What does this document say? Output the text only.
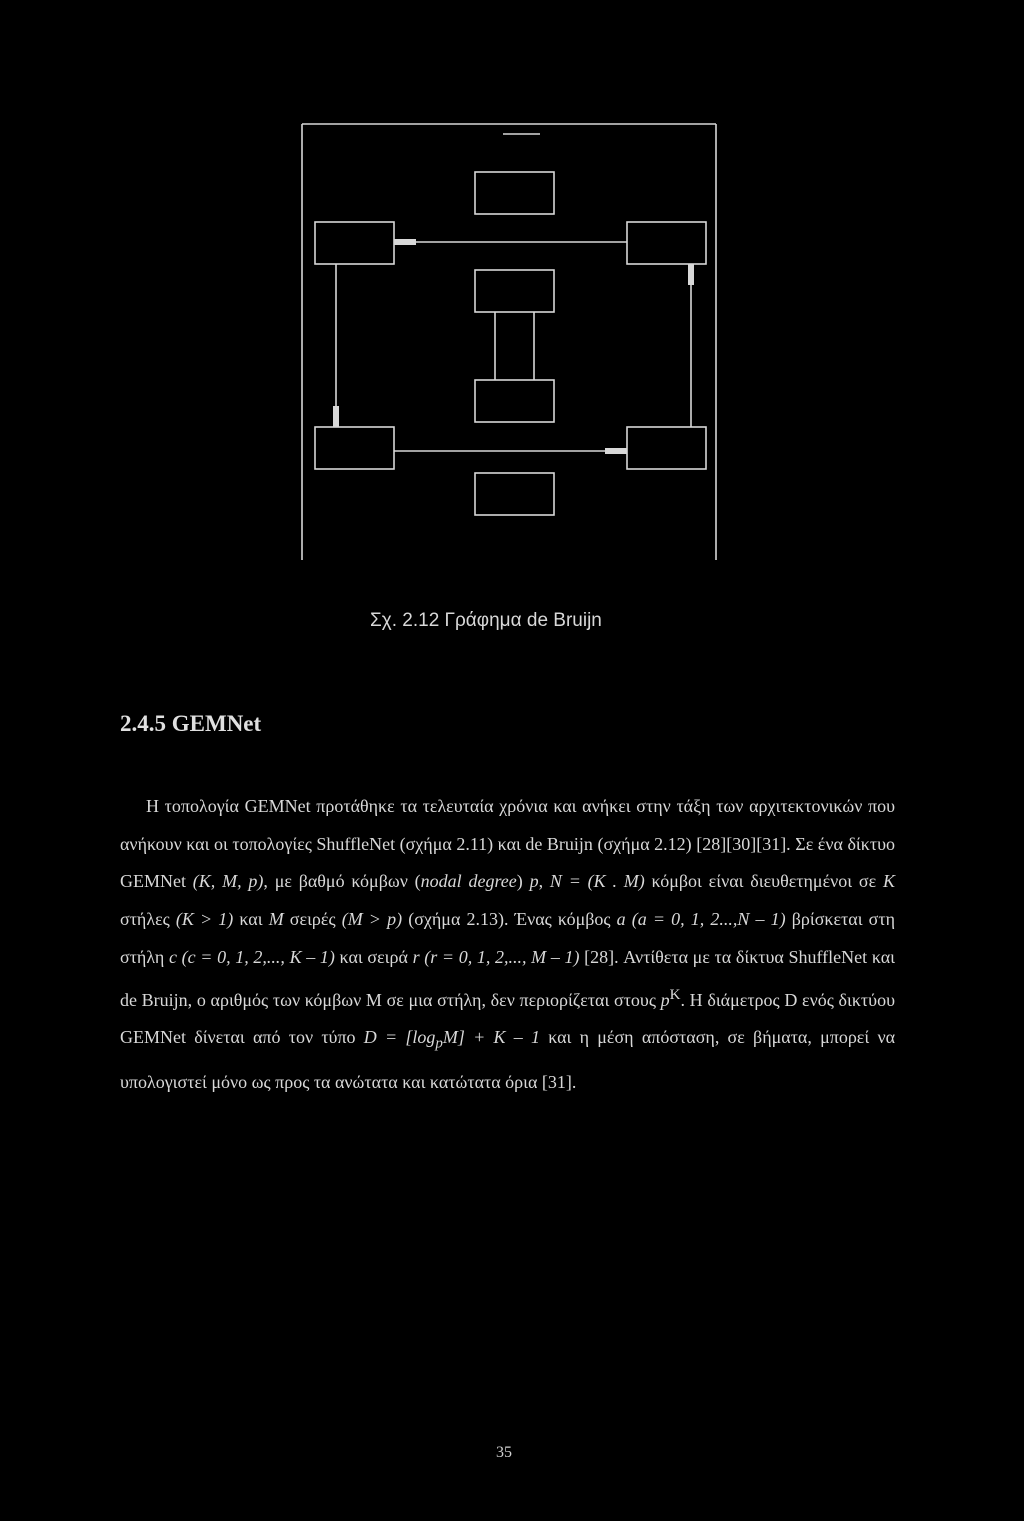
Σχ. 2.12 Γράφημα de Bruijn
2.4.5 GEMNet
Η τοπολογία GEMNet προτάθηκε τα τελευταία χρόνια και ανήκει στην τάξη των αρχιτεκτονικών που ανήκουν και οι τοπολογίες ShuffleNet (σχήμα 2.11) και de Bruijn (σχήμα 2.12) [28][30][31]. Σε ένα δίκτυο GEMNet (K, M, p), με βαθμό κόμβων (nodal degree) p, N = (K . M) κόμβοι είναι διευθετημένοι σε K στήλες (K > 1) και M σειρές (M > p) (σχήμα 2.13). Ένας κόμβος a (a = 0, 1, 2...,N – 1) βρίσκεται στη στήλη c (c = 0, 1, 2,..., K – 1) και σειρά r (r = 0, 1, 2,..., M – 1) [28]. Αντίθετα με τα δίκτυα ShuffleNet και de Bruijn, ο αριθμός των κόμβων M σε μια στήλη, δεν περιορίζεται στους $p^K$. Η διάμετρος D ενός δικτύου GEMNet δίνεται από τον τύπο $D = [\log_pM] + K - 1$ και η μέση απόσταση, σε βήματα, μπορεί να υπολογιστεί μόνο ως προς τα ανώτατα και κατώτατα όρια [31].
35
